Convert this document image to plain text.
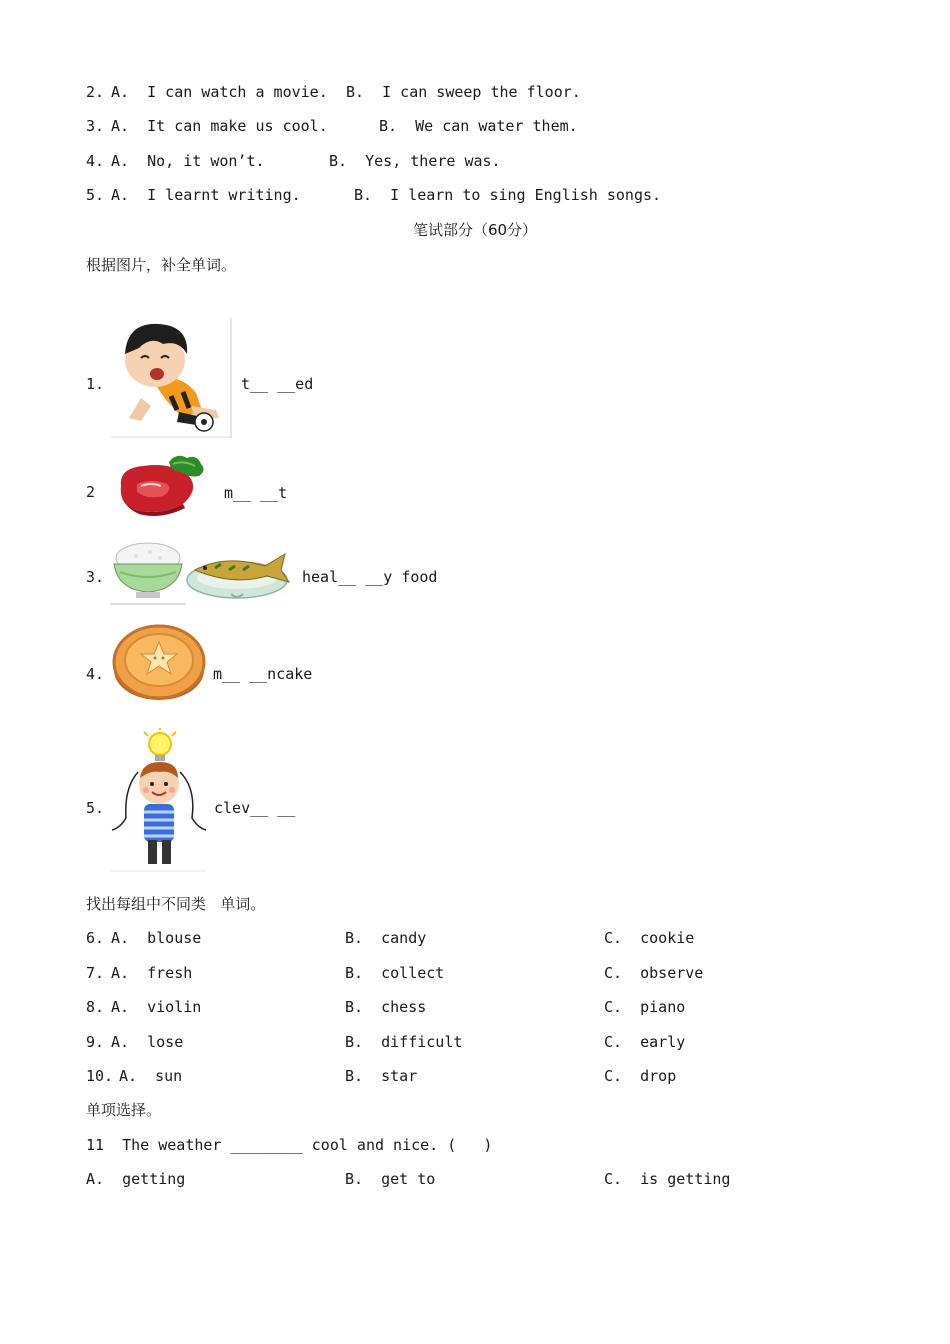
2. A.  I can watch a movie. B.  I can sweep the floor.
3. A.  It can make us cool.	B.  We can water them.
4. A.  No, it won’t.	B.  Yes, there was.
5. A.  I learnt writing.	B.  I learn to sing English songs.
笔试部分（60分）
根据图片，补全单词。
1.	t__ __ed
2	m__ __t
3.	heal__ __y food
4.	m__ __ncake
5.	clev__ __
找出每组中不同类   单词。
6. A.  blouse	B.  candy	C.  cookie
7. A.  fresh	B.  collect	C.  observe
8. A.  violin	B.  chess	C.  piano
9. A.  lose	B.  difficult	C.  early
10. A.  sun	B.  star	C.  drop
单项选择。
11  The weather ________ cool and nice. (   )
A.  getting	B.  get to	C.  is getting
